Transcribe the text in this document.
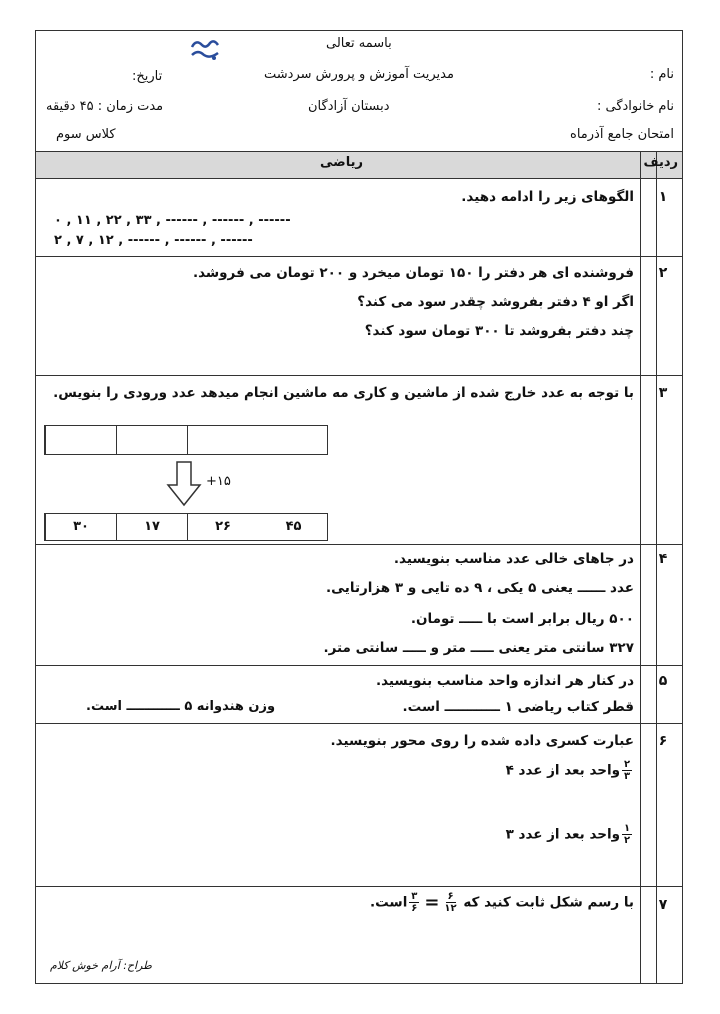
باسمه تعالی
مدیریت آموزش و پرورش سردشت
دبستان آزادگان
نام :
نام خانوادگی :
امتحان جامع آذرماه
تاریخ:
مدت زمان : ۴۵ دقیقه
کلاس سوم
ردیف
ریاضی
۱
الگوهای زیر را ادامه دهید.
۰ , ۱۱ , ۲۲ , ۳۳ , ------ , ------ , ------
۲ , ۷ , ۱۲ , ------ , ------ , ------
۲
فروشنده ای هر دفتر را ۱۵۰ تومان میخرد و ۲۰۰ تومان می فروشد.
اگر او ۴ دفتر بفروشد چقدر سود می کند؟
چند دفتر بفروشد تا ۳۰۰ تومان سود کند؟
۳
با توجه به عدد خارج شده از ماشین و کاری مه ماشین انجام میدهد عدد ورودی را بنویس.
+۱۵
۳۰	۱۷	۲۶	۴۵
۴
در جاهای خالی عدد مناسب بنویسید.
عدد ــــــ یعنی ۵ یکی ، ۹ ده تایی و ۳ هزارتایی.
۵۰۰ ریال برابر است با ـــــ تومان.
۳۲۷ سانتی متر یعنی ـــــ متر و ـــــ سانتی متر.
۵
در کنار هر اندازه واحد مناسب بنویسید.
قطر کتاب ریاضی ۱ ــــــــــــ است.
وزن هندوانه ۵ ــــــــــــ است.
۶
عبارت کسری داده شده را روی محور بنویسید.
$\frac{۲}{۳}$
واحد بعد از عدد ۴
$\frac{۱}{۲}$
واحد بعد از عدد ۳
۷
با رسم شکل ثابت کنید که
$\frac{۶}{۱۲}$
=
$\frac{۳}{۶}$
است.
طراح: آرام خوش کلام
